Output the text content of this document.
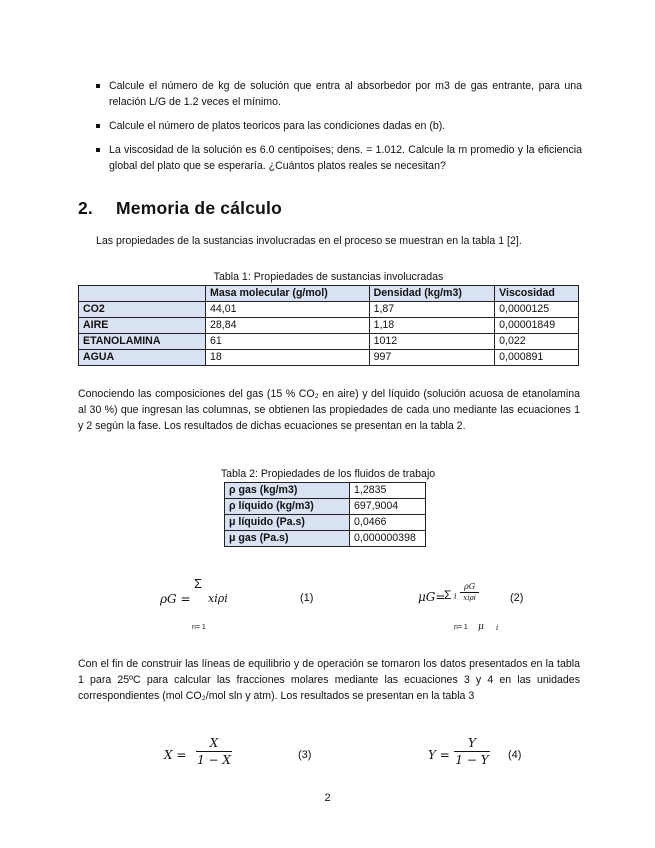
Calcule el número de kg de solución que entra al absorbedor por m3 de gas entrante, para una relación L/G de 1.2 veces el mínimo.
Calcule el número de platos teoricos para las condiciones dadas en (b).
La viscosidad de la solución es 6.0 centipoises; dens. = 1.012. Calcule la m promedio y la eficiencia global del plato que se esperaría. ¿Cuántos platos reales se necesitan?
2. Memoria de cálculo
Las propiedades de la sustancias involucradas en el proceso se muestran en la tabla 1 [2].
Tabla 1: Propiedades de sustancias involucradas
	Masa molecular (g/mol)	Densidad (kg/m3)	Viscosidad
CO2	44,01	1,87	0,0000125
AIRE	28,84	1,18	0,00001849
ETANOLAMINA	61	1012	0,022
AGUA	18	997	0,000891
Conociendo las composiciones del gas (15 % CO₂ en aire) y del líquido (solución acuosa de etanolamina al 30 %) que ingresan las columnas, se obtienen las propiedades de cada uno mediante las ecuaciones 1 y 2 según la fase. Los resultados de dichas ecuaciones se presentan en la tabla 2.
Tabla 2: Propiedades de los fluidos de trabajo
ρ gas (kg/m3)	1,2835
ρ líquido (kg/m3)	697,9004
μ líquido (Pa.s)	0,0466
μ gas (Pa.s)	0,000000398
ρG =
Σ
xiρi
n= 1
(1)	μG=
Σ i
ρG
xiρi
n= 1 μ i
(2)
Con el fin de construir las líneas de equilibrio y de operación se tomaron los datos presentados en la tabla 1 para 25ºC para calcular las fracciones molares mediante las ecuaciones 3 y 4 en las unidades correspondientes (mol CO₂/mol sln y atm). Los resultados se presentan en la tabla 3
$X = \frac{X}{1 - X}$	(3)	$Y = \frac{Y}{1 - Y} (4)$
2
